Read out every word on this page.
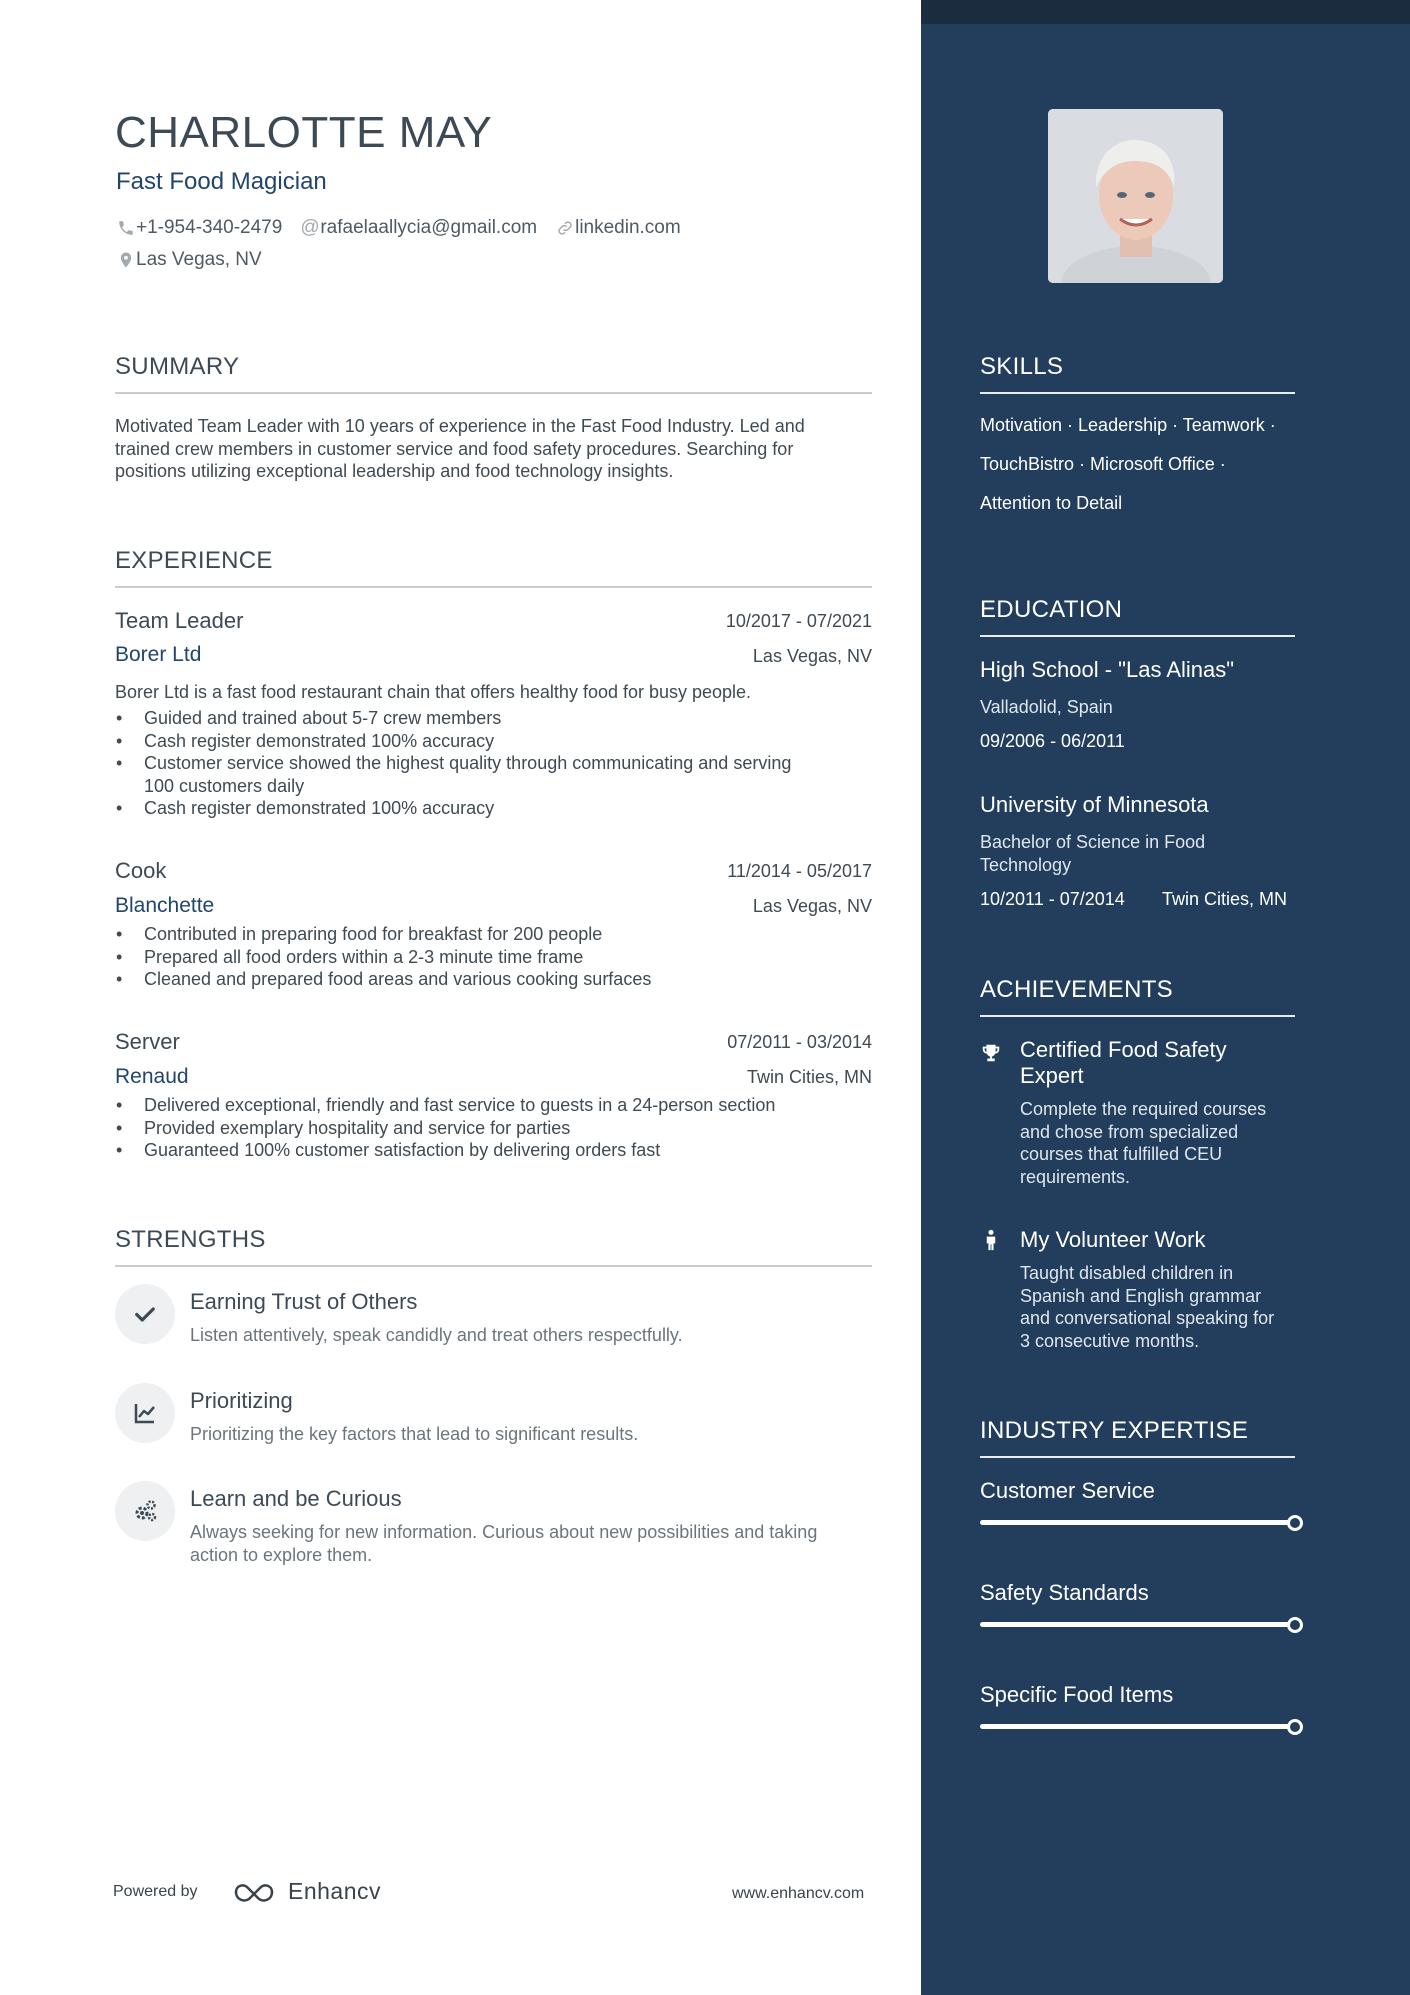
CHARLOTTE MAY
Fast Food Magician
+1-954-340-2479 @ rafaelaallycia@gmail.com linkedin.com
Las Vegas, NV
SUMMARY
Motivated Team Leader with 10 years of experience in the Fast Food Industry. Led and
trained crew members in customer service and food safety procedures. Searching for
positions utilizing exceptional leadership and food technology insights.
EXPERIENCE
Team Leader	10/2017 - 07/2021
Borer Ltd	Las Vegas, NV
Borer Ltd is a fast food restaurant chain that offers healthy food for busy people.
• Guided and trained about 5-7 crew members
• Cash register demonstrated 100% accuracy
• Customer service showed the highest quality through communicating and serving
100 customers daily
• Cash register demonstrated 100% accuracy
Cook	11/2014 - 05/2017
Blanchette	Las Vegas, NV
• Contributed in preparing food for breakfast for 200 people
• Prepared all food orders within a 2-3 minute time frame
• Cleaned and prepared food areas and various cooking surfaces
Server	07/2011 - 03/2014
Renaud	Twin Cities, MN
• Delivered exceptional, friendly and fast service to guests in a 24-person section
• Provided exemplary hospitality and service for parties
• Guaranteed 100% customer satisfaction by delivering orders fast
STRENGTHS
Earning Trust of Others
Listen attentively, speak candidly and treat others respectfully.
Prioritizing
Prioritizing the key factors that lead to significant results.
Learn and be Curious
Always seeking for new information. Curious about new possibilities and taking
action to explore them.
Powered by	Enhancv	www.enhancv.com
SKILLS
Motivation · Leadership · Teamwork ·
TouchBistro · Microsoft Office ·
Attention to Detail
EDUCATION
High School - "Las Alinas"
Valladolid, Spain
09/2006 - 06/2011
University of Minnesota
Bachelor of Science in Food
Technology
10/2011 - 07/2014 Twin Cities, MN
ACHIEVEMENTS
Certified Food Safety
Expert
Complete the required courses
and chose from specialized
courses that fulfilled CEU
requirements.
My Volunteer Work
Taught disabled children in
Spanish and English grammar
and conversational speaking for
3 consecutive months.
INDUSTRY EXPERTISE
Customer Service
Safety Standards
Specific Food Items
